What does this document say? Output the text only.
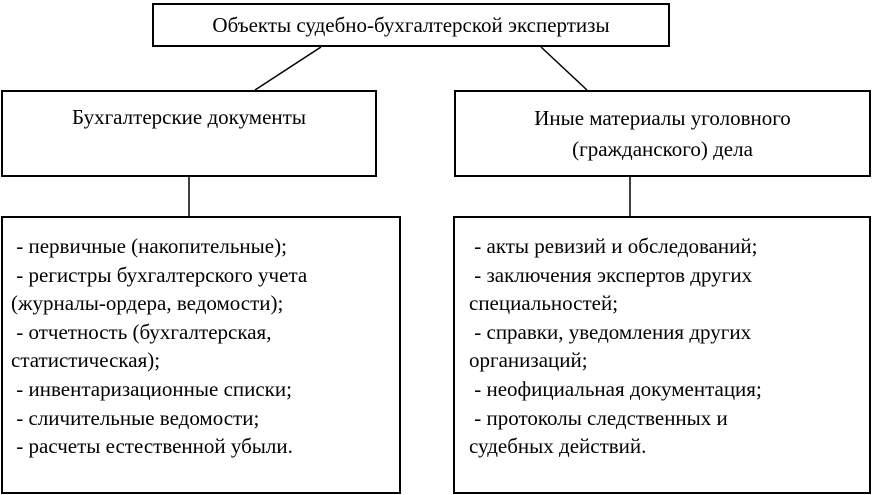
Объекты судебно-бухгалтерской экспертизы
Бухгалтерские документы	Иные материалы уголовного
(гражданского) дела
- первичные (накопительные);
- регистры бухгалтерского учета
(журналы-ордера, ведомости);
- отчетность (бухгалтерская,
статистическая);
- инвентаризационные списки;
- сличительные ведомости;
- расчеты естественной убыли.
- акты ревизий и обследований;
- заключения экспертов других
специальностей;
- справки, уведомления других
организаций;
- неофициальная документация;
- протоколы следственных и
судебных действий.
